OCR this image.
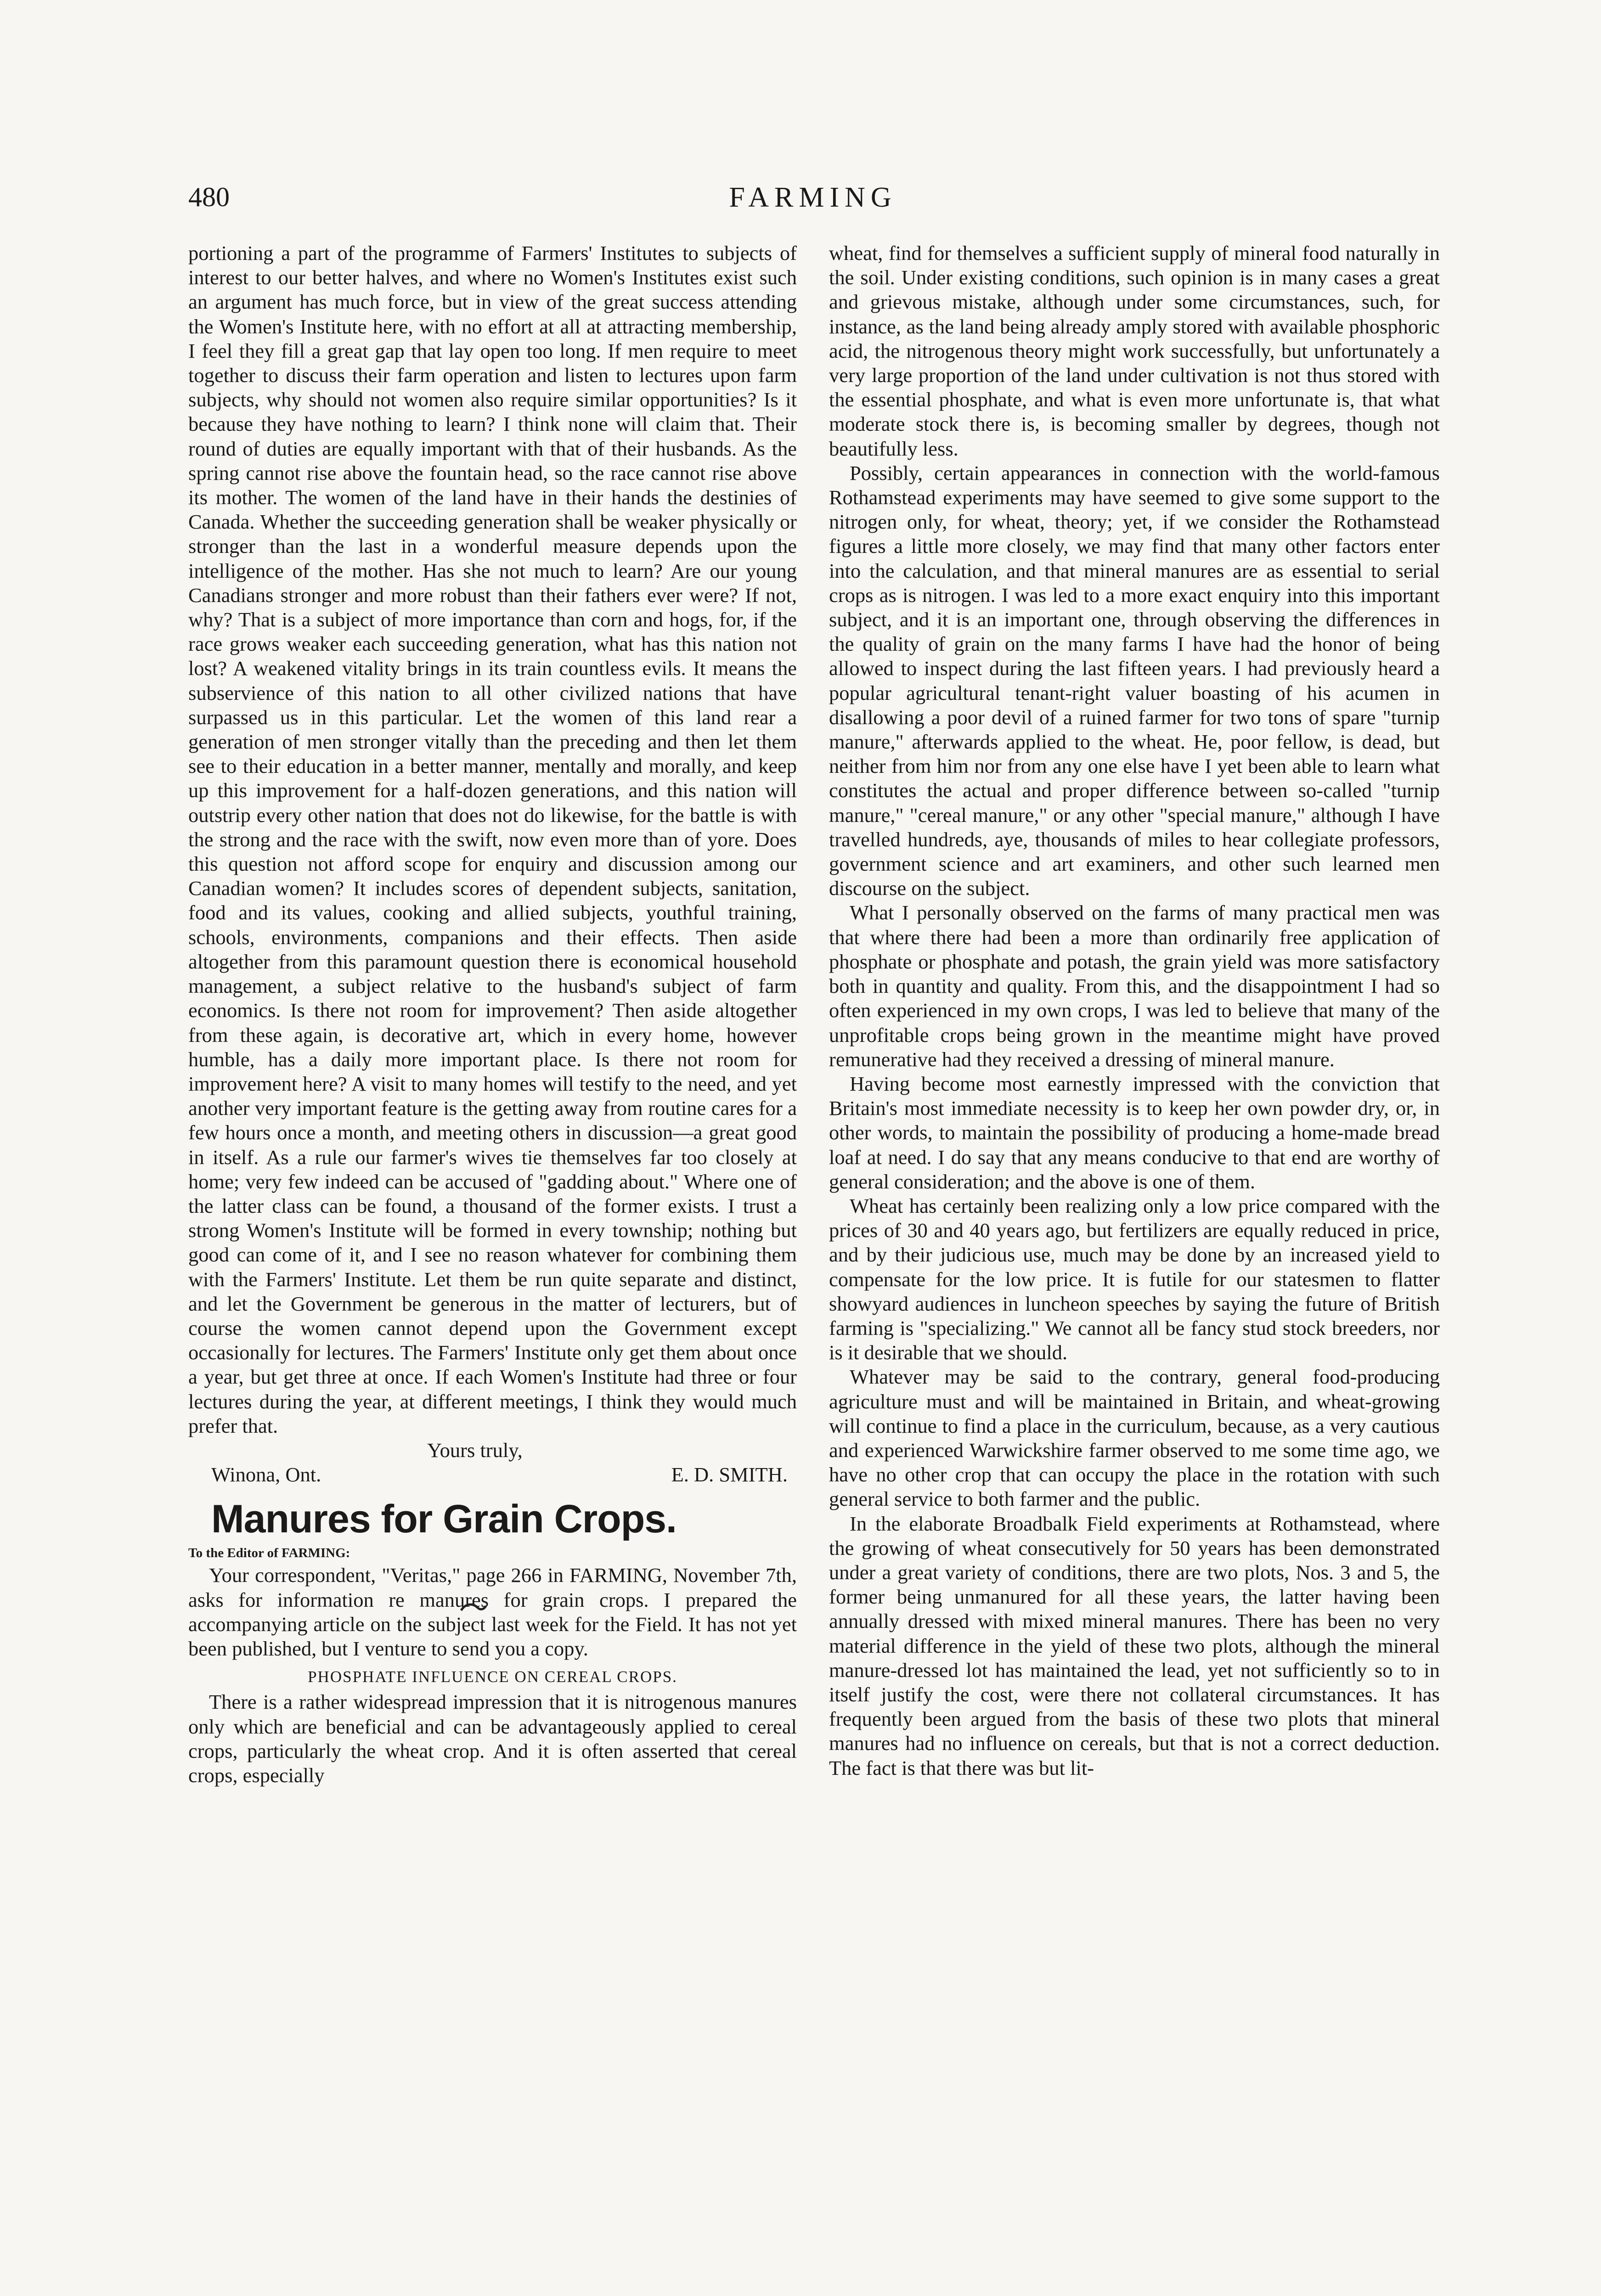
480	FARMING

portioning a part of the programme of Farmers' Institutes to subjects of interest to our better halves, and where no Women's Institutes exist such an argument has much force, but in view of the great success attending the Women's Institute here, with no effort at all at attracting membership, I feel they fill a great gap that lay open too long. If men require to meet together to discuss their farm operation and listen to lectures upon farm subjects, why should not women also require similar opportunities? Is it because they have nothing to learn? I think none will claim that. Their round of duties are equally important with that of their husbands. As the spring cannot rise above the fountain head, so the race cannot rise above its mother. The women of the land have in their hands the destinies of Canada. Whether the succeeding generation shall be weaker physically or stronger than the last in a wonderful measure depends upon the intelligence of the mother. Has she not much to learn? Are our young Canadians stronger and more robust than their fathers ever were? If not, why? That is a subject of more importance than corn and hogs, for, if the race grows weaker each succeeding generation, what has this nation not lost? A weakened vitality brings in its train countless evils. It means the subservience of this nation to all other civilized nations that have surpassed us in this particular. Let the women of this land rear a generation of men stronger vitally than the preceding and then let them see to their education in a better manner, mentally and morally, and keep up this improvement for a half-dozen generations, and this nation will outstrip every other nation that does not do likewise, for the battle is with the strong and the race with the swift, now even more than of yore. Does this question not afford scope for enquiry and discussion among our Canadian women? It includes scores of dependent subjects, sanitation, food and its values, cooking and allied subjects, youthful training, schools, environments, companions and their effects. Then aside altogether from this paramount question there is economical household management, a subject relative to the husband's subject of farm economics. Is there not room for improvement? Then aside altogether from these again, is decorative art, which in every home, however humble, has a daily more important place. Is there not room for improvement here? A visit to many homes will testify to the need, and yet another very important feature is the getting away from routine cares for a few hours once a month, and meeting others in discussion—a great good in itself. As a rule our farmer's wives tie themselves far too closely at home; very few indeed can be accused of "gadding about." Where one of the latter class can be found, a thousand of the former exists. I trust a strong Women's Institute will be formed in every township; nothing but good can come of it, and I see no reason whatever for combining them with the Farmers' Institute. Let them be run quite separate and distinct, and let the Government be generous in the matter of lecturers, but of course the women cannot depend upon the Government except occasionally for lectures. The Farmers' Institute only get them about once a year, but get three at once. If each Women's Institute had three or four lectures during the year, at different meetings, I think they would much prefer that.

Yours truly,
Winona, Ont.	E. D. SMITH.
Manures for Grain Crops.
To the Editor of FARMING:

Your correspondent, "Veritas," page 266 in FARMING, November 7th, asks for information re manures for grain crops. I prepared the accompanying article on the subject last week for the Field. It has not yet been published, but I venture to send you a copy.

PHOSPHATE INFLUENCE ON CEREAL CROPS.

There is a rather widespread impression that it is nitrogenous manures only which are beneficial and can be advantageously applied to cereal crops, particularly the wheat crop. And it is often asserted that cereal crops, especially

wheat, find for themselves a sufficient supply of mineral food naturally in the soil. Under existing conditions, such opinion is in many cases a great and grievous mistake, although under some circumstances, such, for instance, as the land being already amply stored with available phosphoric acid, the nitrogenous theory might work successfully, but unfortunately a very large proportion of the land under cultivation is not thus stored with the essential phosphate, and what is even more unfortunate is, that what moderate stock there is, is becoming smaller by degrees, though not beautifully less.

Possibly, certain appearances in connection with the world-famous Rothamstead experiments may have seemed to give some support to the nitrogen only, for wheat, theory; yet, if we consider the Rothamstead figures a little more closely, we may find that many other factors enter into the calculation, and that mineral manures are as essential to serial crops as is nitrogen. I was led to a more exact enquiry into this important subject, and it is an important one, through observing the differences in the quality of grain on the many farms I have had the honor of being allowed to inspect during the last fifteen years. I had previously heard a popular agricultural tenant-right valuer boasting of his acumen in disallowing a poor devil of a ruined farmer for two tons of spare "turnip manure," afterwards applied to the wheat. He, poor fellow, is dead, but neither from him nor from any one else have I yet been able to learn what constitutes the actual and proper difference between so-called "turnip manure," "cereal manure," or any other "special manure," although I have travelled hundreds, aye, thousands of miles to hear collegiate professors, government science and art examiners, and other such learned men discourse on the subject.

What I personally observed on the farms of many practical men was that where there had been a more than ordinarily free application of phosphate or phosphate and potash, the grain yield was more satisfactory both in quantity and quality. From this, and the disappointment I had so often experienced in my own crops, I was led to believe that many of the unprofitable crops being grown in the meantime might have proved remunerative had they received a dressing of mineral manure.

Having become most earnestly impressed with the conviction that Britain's most immediate necessity is to keep her own powder dry, or, in other words, to maintain the possibility of producing a home-made bread loaf at need. I do say that any means conducive to that end are worthy of general consideration; and the above is one of them.

Wheat has certainly been realizing only a low price compared with the prices of 30 and 40 years ago, but fertilizers are equally reduced in price, and by their judicious use, much may be done by an increased yield to compensate for the low price. It is futile for our statesmen to flatter showyard audiences in luncheon speeches by saying the future of British farming is "specializing." We cannot all be fancy stud stock breeders, nor is it desirable that we should.

Whatever may be said to the contrary, general food-producing agriculture must and will be maintained in Britain, and wheat-growing will continue to find a place in the curriculum, because, as a very cautious and experienced Warwickshire farmer observed to me some time ago, we have no other crop that can occupy the place in the rotation with such general service to both farmer and the public.

In the elaborate Broadbalk Field experiments at Rothamstead, where the growing of wheat consecutively for 50 years has been demonstrated under a great variety of conditions, there are two plots, Nos. 3 and 5, the former being unmanured for all these years, the latter having been annually dressed with mixed mineral manures. There has been no very material difference in the yield of these two plots, although the mineral manure-dressed lot has maintained the lead, yet not sufficiently so to in itself justify the cost, were there not collateral circumstances. It has frequently been argued from the basis of these two plots that mineral manures had no influence on cereals, but that is not a correct deduction. The fact is that there was but lit-
